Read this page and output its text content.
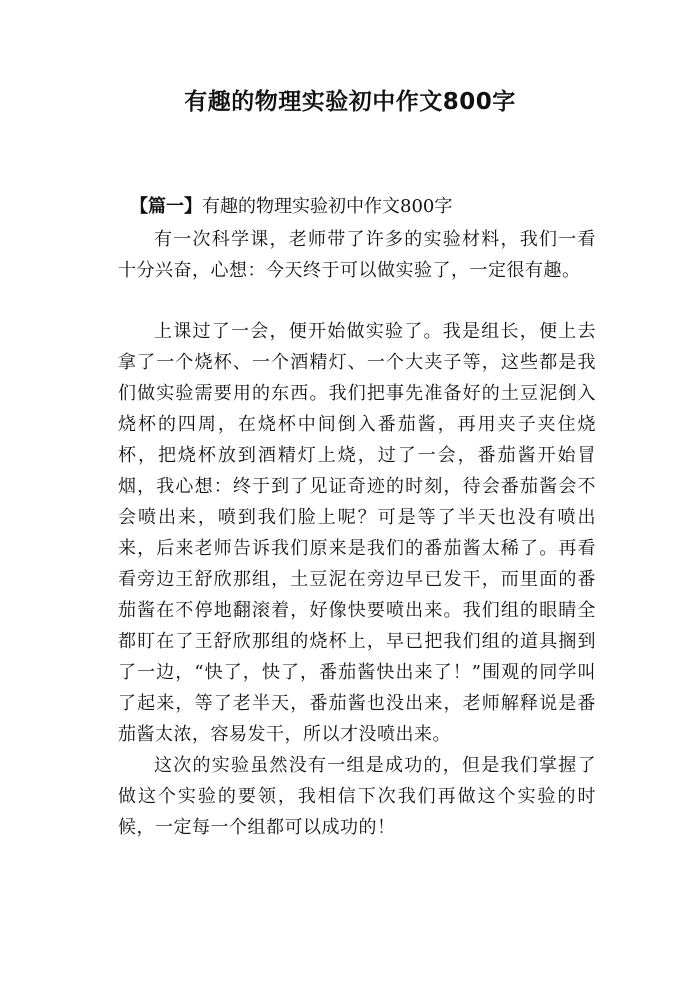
有趣的物理实验初中作文800字
【篇一】有趣的物理实验初中作文800字

有一次科学课，老师带了许多的实验材料，我们一看十分兴奋，心想：今天终于可以做实验了，一定很有趣。

上课过了一会，便开始做实验了。我是组长，便上去拿了一个烧杯、一个酒精灯、一个大夹子等，这些都是我们做实验需要用的东西。我们把事先准备好的土豆泥倒入烧杯的四周，在烧杯中间倒入番茄酱，再用夹子夹住烧杯，把烧杯放到酒精灯上烧，过了一会，番茄酱开始冒烟，我心想：终于到了见证奇迹的时刻，待会番茄酱会不会喷出来，喷到我们脸上呢？可是等了半天也没有喷出来，后来老师告诉我们原来是我们的番茄酱太稀了。再看看旁边王舒欣那组，土豆泥在旁边早已发干，而里面的番茄酱在不停地翻滚着，好像快要喷出来。我们组的眼睛全都盯在了王舒欣那组的烧杯上，早已把我们组的道具搁到了一边，“快了，快了，番茄酱快出来了！”围观的同学叫了起来，等了老半天，番茄酱也没出来，老师解释说是番茄酱太浓，容易发干，所以才没喷出来。

这次的实验虽然没有一组是成功的，但是我们掌握了做这个实验的要领，我相信下次我们再做这个实验的时候，一定每一个组都可以成功的！
